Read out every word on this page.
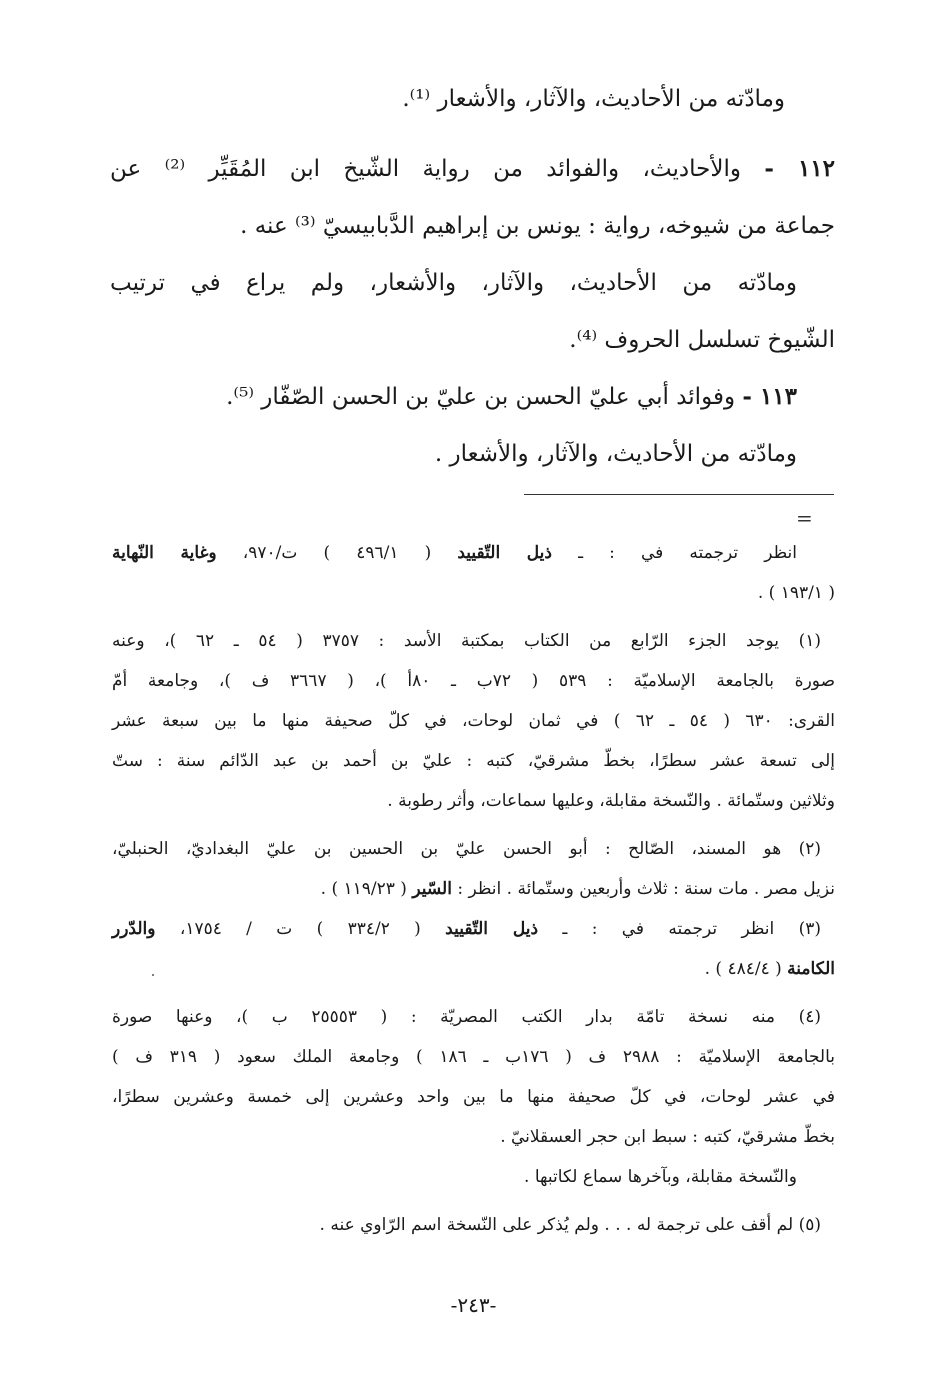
ومادّته من الأحاديث، والآثار، والأشعار ⁽¹⁾.
١١٢ - والأحاديث، والفوائد من رواية الشّيخ ابن المُقَيِّر ⁽²⁾ عن
جماعة من شيوخه، رواية : يونس بن إبراهيم الدَّبابيسيّ ⁽³⁾ عنه .
ومادّته من الأحاديث، والآثار، والأشعار، ولم يراع في ترتيب
الشّيوخ تسلسل الحروف ⁽⁴⁾.
١١٣ - وفوائد أبي عليّ الحسن بن عليّ بن الحسن الصّفّار ⁽⁵⁾.
ومادّته من الأحاديث، والآثار، والأشعار .
=
انظر ترجمته في : ـ ذيل التّقييد ( ٤٩٦/١ ) ت/٩٧٠، وغاية النّهاية
( ١٩٣/١ ) .
(١) يوجد الجزء الرّابع من الكتاب بمكتبة الأسد : ٣٧٥٧ ( ٥٤ ـ ٦٢ )، وعنه
صورة بالجامعة الإسلاميّة : ٥٣٩ ( ٧٢ب ـ ٨٠أ )، ( ٣٦٦٧ ف )، وجامعة أمّ
القرى: ٦٣٠ ( ٥٤ ـ ٦٢ ) في ثمان لوحات، في كلّ صحيفة منها ما بين سبعة عشر
إلى تسعة عشر سطرًا، بخطّ مشرقيّ، كتبه : عليّ بن أحمد بن عبد الدّائم سنة : ستّ
وثلاثين وستّمائة . والنّسخة مقابلة، وعليها سماعات، وأثر رطوبة .
(٢) هو المسند، الصّالح : أبو الحسن عليّ بن الحسين بن عليّ البغداديّ، الحنبليّ،
نزيل مصر . مات سنة : ثلاث وأربعين وستّمائة . انظر : السّير ( ١١٩/٢٣ ) .
(٣) انظر ترجمته في : ـ ذيل التّقييد ( ٣٣٤/٢ ) ت / ١٧٥٤، والدّرر
الكامنة ( ٤٨٤/٤ ) .
(٤) منه نسخة تامّة بدار الكتب المصريّة : ( ٢٥٥٥٣ ب )، وعنها صورة
بالجامعة الإسلاميّة : ٢٩٨٨ ف ( ١٧٦ب ـ ١٨٦ ) وجامعة الملك سعود ( ٣١٩ ف )
في عشر لوحات، في كلّ صحيفة منها ما بين واحد وعشرين إلى خمسة وعشرين سطرًا،
بخطّ مشرقيّ، كتبه : سبط ابن حجر العسقلانيّ .
والنّسخة مقابلة، وبآخرها سماع لكاتبها .
(٥) لم أقف على ترجمة له . . . ولم يُذكر على النّسخة اسم الرّاوي عنه .
-٢٤٣-
